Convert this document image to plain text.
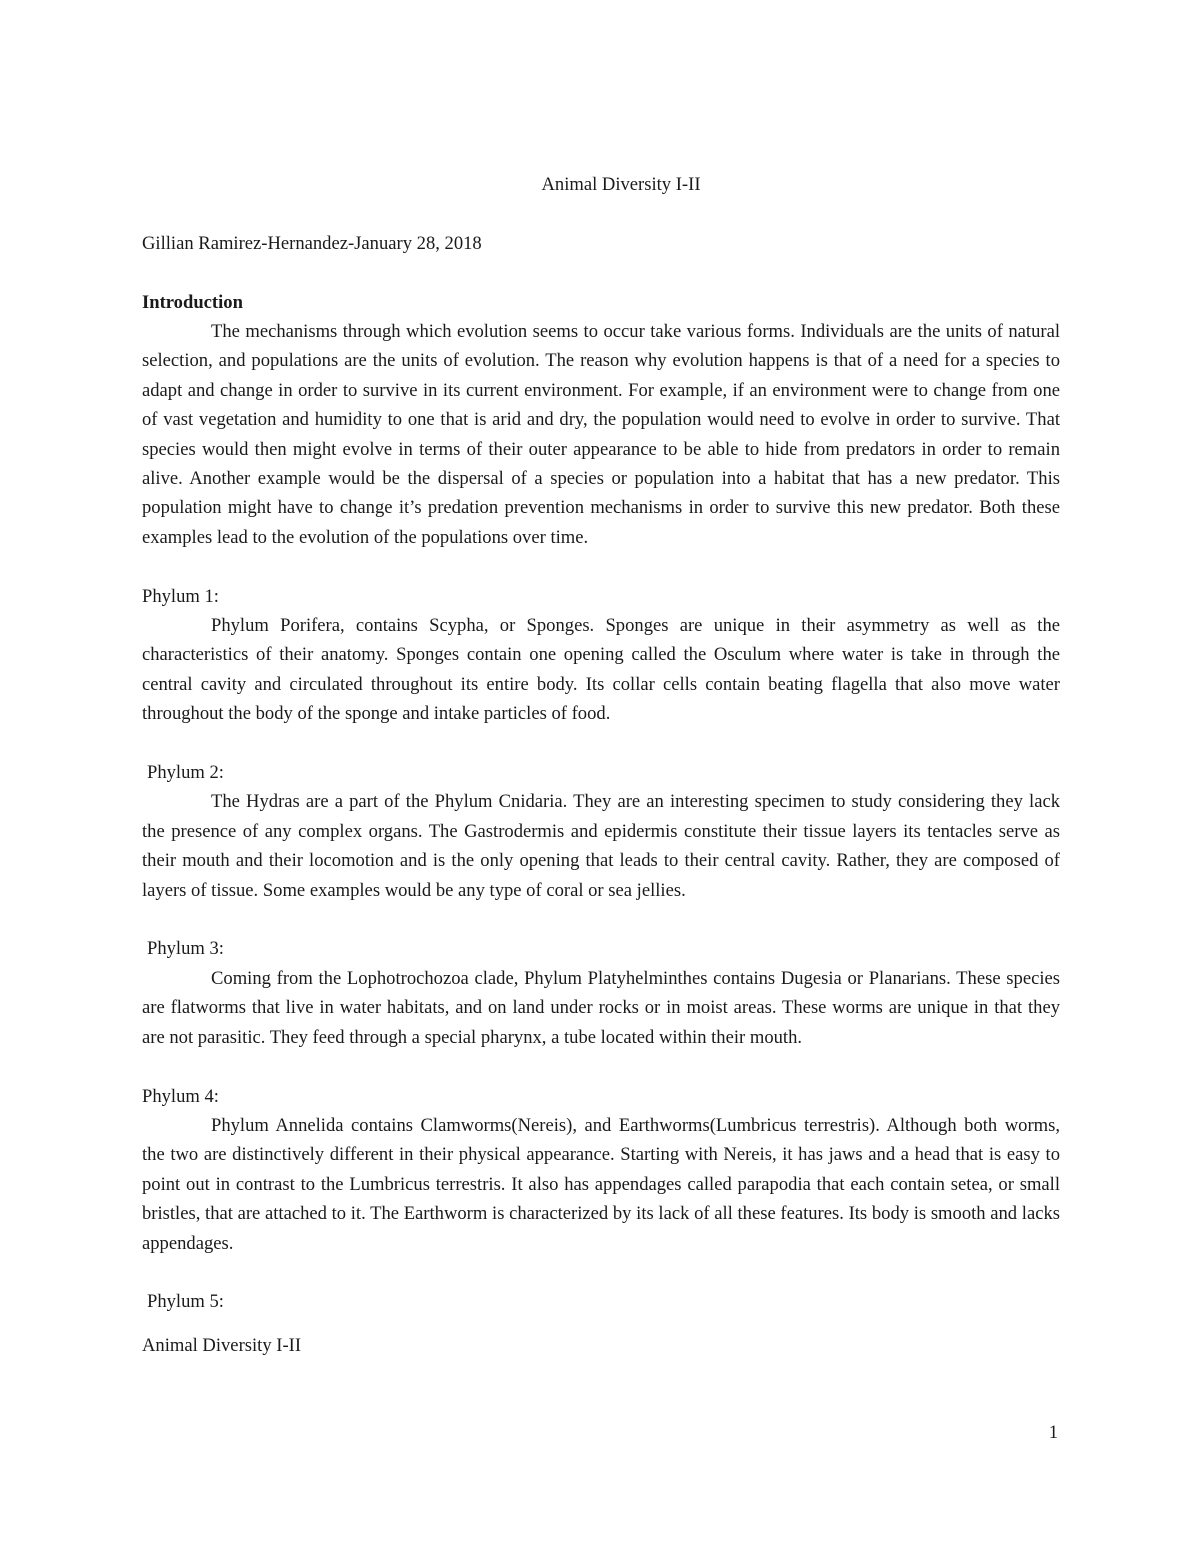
Animal Diversity I-II

Gillian Ramirez-Hernandez-January 28, 2018

Introduction

The mechanisms through which evolution seems to occur take various forms. Individuals are the units of natural selection, and populations are the units of evolution. The reason why evolution happens is that of a need for a species to adapt and change in order to survive in its current environment. For example, if an environment were to change from one of vast vegetation and humidity to one that is arid and dry, the population would need to evolve in order to survive. That species would then might evolve in terms of their outer appearance to be able to hide from predators in order to remain alive. Another example would be the dispersal of a species or population into a habitat that has a new predator. This population might have to change it’s predation prevention mechanisms in order to survive this new predator. Both these examples lead to the evolution of the populations over time.

Phylum 1:

Phylum Porifera, contains Scypha, or Sponges. Sponges are unique in their asymmetry as well as the characteristics of their anatomy. Sponges contain one opening called the Osculum where water is take in through the central cavity and circulated throughout its entire body. Its collar cells contain beating flagella that also move water throughout the body of the sponge and intake particles of food.

Phylum 2:

The Hydras are a part of the Phylum Cnidaria. They are an interesting specimen to study considering they lack the presence of any complex organs. The Gastrodermis and epidermis constitute their tissue layers its tentacles serve as their mouth and their locomotion and is the only opening that leads to their central cavity. Rather, they are composed of layers of tissue. Some examples would be any type of coral or sea jellies.

Phylum 3:

Coming from the Lophotrochozoa clade, Phylum Platyhelminthes contains Dugesia or Planarians. These species are flatworms that live in water habitats, and on land under rocks or in moist areas. These worms are unique in that they are not parasitic. They feed through a special pharynx, a tube located within their mouth.

Phylum 4:

Phylum Annelida contains Clamworms(Nereis), and Earthworms(Lumbricus terrestris). Although both worms, the two are distinctively different in their physical appearance. Starting with Nereis, it has jaws and a head that is easy to point out in contrast to the Lumbricus terrestris. It also has appendages called parapodia that each contain setea, or small bristles, that are attached to it. The Earthworm is characterized by its lack of all these features. Its body is smooth and lacks appendages.

Phylum 5:

Animal Diversity I-II

1
